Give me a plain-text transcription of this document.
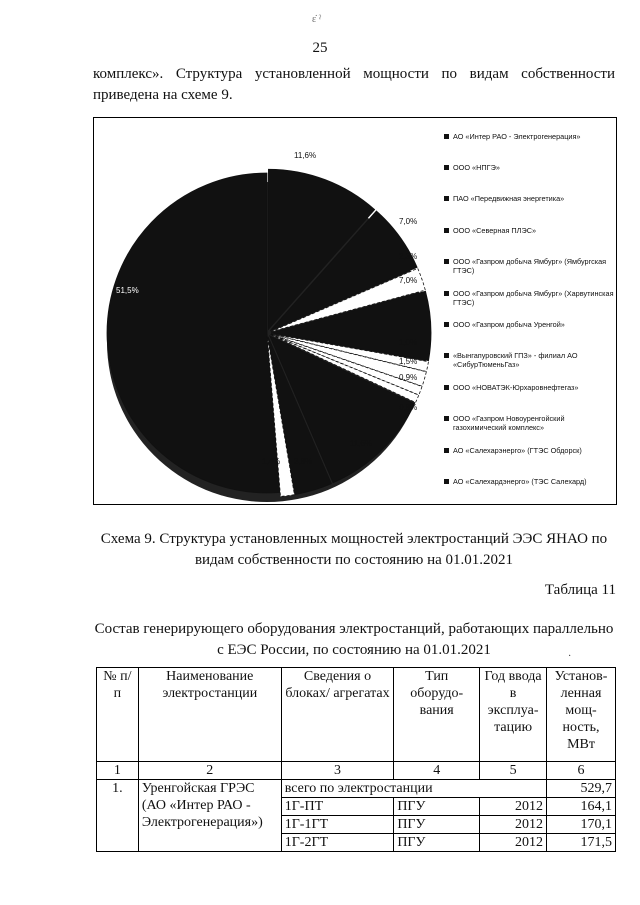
ɛ̇ ˀ
25
комплекс». Структура установленной мощности по видам собственности
приведена на схеме 9.
51,5%
11,6%
7,0%
2,3%
7,0%
1,0%
1,5%
0,9%
0,8%
11,6%
3,8%
1,4%
АО «Интер РАО - Электрогенерация»
ООО «НПГЭ»
ПАО «Передвижная энергетика»
ООО «Северная ПЛЭС»
ООО «Газпром добыча Ямбург» (Ямбургская ГТЭС)
ООО «Газпром добыча Ямбург» (Харвутинская ГТЭС)
ООО «Газпром добыча Уренгой»
«Вынгапуровский ГПЗ» - филиал АО «СибурТюменьГаз»
ООО «НОВАТЭК-Юрхаровнефтегаз»
ООО «Газпром Новоуренгойский газохимический комплекс»
АО «Салехарэнерго» (ГТЭС Обдорск)
АО «Салехардэнерго» (ТЭС Салехард)
Схема 9. Структура установленных мощностей электростанций ЭЭС ЯНАО по видам собственности по состоянию на 01.01.2021
Таблица 11
·
Состав генерирующего оборудования электростанций, работающих параллельно с ЕЭС России, по состоянию на 01.01.2021
№ п/п	Наименование электростанции	Сведения о блоках/ агрегатах	Тип оборудо-вания	Год ввода в эксплуа-тацию	Установ-ленная мощ-ность, МВт
1	2	3	4	5	6
1.	Уренгойская ГРЭС (АО «Интер РАО - Электрогенерация»)	всего по электростанции			529,7
		1Г-ПТ	ПГУ	2012	164,1
		1Г-1ГТ	ПГУ	2012	170,1
		1Г-2ГТ	ПГУ	2012	171,5
